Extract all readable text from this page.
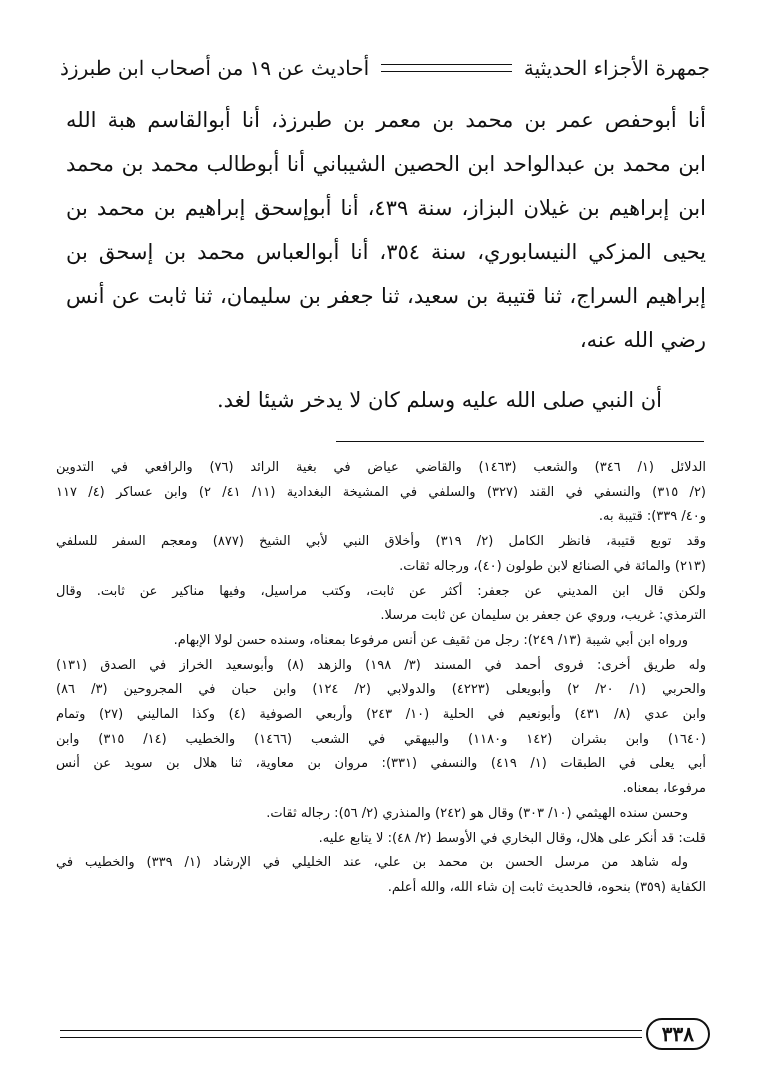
جمهرة الأجزاء الحديثية
أحاديث عن ١٩ من أصحاب ابن طبرزذ
أنا أبوحفص عمر بن محمد بن معمر بن طبرزذ، أنا أبوالقاسم هبة الله
ابن محمد بن عبدالواحد ابن الحصين الشيباني أنا أبوطالب محمد بن محمد
ابن إبراهيم بن غيلان البزاز، سنة ٤٣٩، أنا أبوإسحق إبراهيم بن محمد بن
يحيى المزكي النيسابوري، سنة ٣٥٤، أنا أبوالعباس محمد بن إسحق بن
إبراهيم السراج، ثنا قتيبة بن سعيد، ثنا جعفر بن سليمان، ثنا ثابت عن أنس
رضي الله عنه،
أن النبي صلى الله عليه وسلم كان لا يدخر شيئا لغد.
الدلائل (١/ ٣٤٦) والشعب (١٤٦٣) والقاضي عياض في بغية الرائد (٧٦) والرافعي في التدوين
(٢/ ٣١٥) والنسفي في القند (٣٢٧) والسلفي في المشيخة البغدادية (١١/ ٤١/ ٢) وابن عساكر (٤/ ١١٧
و٤٠/ ٣٣٩): قتيبة به.
وقد توبع قتيبة، فانظر الكامل (٢/ ٣١٩) وأخلاق النبي لأبي الشيخ (٨٧٧) ومعجم السفر للسلفي
(٢١٣) والمائة في الصنائع لابن طولون (٤٠)، ورجاله ثقات.
ولكن قال ابن المديني عن جعفر: أكثر عن ثابت، وكتب مراسيل، وفيها مناكير عن ثابت. وقال
الترمذي: غريب، وروي عن جعفر بن سليمان عن ثابت مرسلا.
ورواه ابن أبي شيبة (١٣/ ٢٤٩): رجل من ثقيف عن أنس مرفوعا بمعناه، وسنده حسن لولا الإبهام.
وله طريق أخرى: فروى أحمد في المسند (٣/ ١٩٨) والزهد (٨) وأبوسعيد الخراز في الصدق (١٣١)
والحربي (١/ ٢٠/ ٢) وأبويعلى (٤٢٢٣) والدولابي (٢/ ١٢٤) وابن حبان في المجروحين (٣/ ٨٦)
وابن عدي (٨/ ٤٣١) وأبونعيم في الحلية (١٠/ ٢٤٣) وأربعي الصوفية (٤) وكذا الماليني (٢٧) وتمام
(١٦٤٠) وابن بشران (١٤٢ و١١٨٠) والبيهقي في الشعب (١٤٦٦) والخطيب (١٤/ ٣١٥) وابن
أبي يعلى في الطبقات (١/ ٤١٩) والنسفي (٣٣١): مروان بن معاوية، ثنا هلال بن سويد عن أنس
مرفوعا، بمعناه.
وحسن سنده الهيثمي (١٠/ ٣٠٣) وقال هو (٢٤٢) والمنذري (٢/ ٥٦): رجاله ثقات.
قلت: قد أنكر على هلال، وقال البخاري في الأوسط (٢/ ٤٨): لا يتابع عليه.
وله شاهد من مرسل الحسن بن محمد بن علي، عند الخليلي في الإرشاد (١/ ٣٣٩) والخطيب في
الكفاية (٣٥٩) بنحوه، فالحديث ثابت إن شاء الله، والله أعلم.
٣٣٨
